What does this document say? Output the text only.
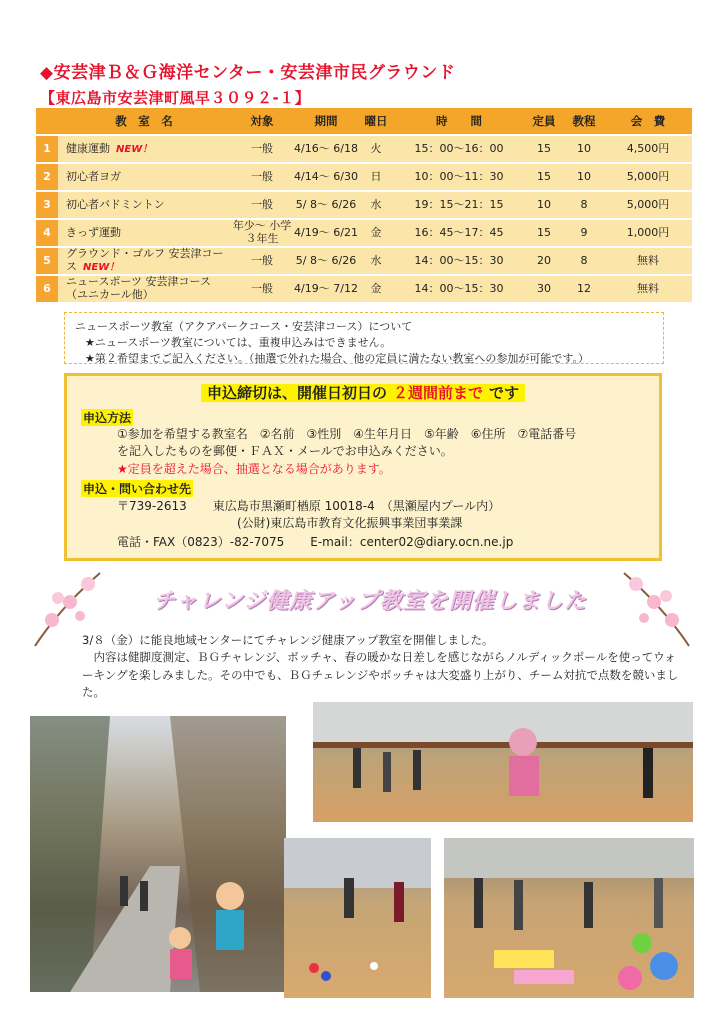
◆安芸津Ｂ＆Ｇ海洋センター・安芸津市民グラウンド
【東広島市安芸津町風早３０９２-１】
	教　室　名	対象	期間	曜日	時　　間	定員	教程	会　費
1	健康運動 NEW！	一般	4/16〜 6/18	火	15：00〜16：00	15	10	4,500円
2	初心者ヨガ	一般	4/14〜 6/30	日	10：00〜11：30	15	10	5,000円
3	初心者バドミントン	一般	5/ 8〜 6/26	水	19：15〜21：15	10	8	5,000円
4	きっず運動	年少〜 小学３年生	4/19〜 6/21	金	16：45〜17：45	15	9	1,000円
5	グラウンド・ゴルフ 安芸津コース NEW！	一般	5/ 8〜 6/26	水	14：00〜15：30	20	8	無料
6	ニュースポーツ 安芸津コース（ユニカール他）	一般	4/19〜 7/12	金	14：00〜15：30	30	12	無料
ニュースポーツ教室（アクアパークコース・安芸津コース）について
★ニュースポーツ教室については、重複申込みはできません。
★第２希望までご記入ください。（抽選で外れた場合、他の定員に満たない教室への参加が可能です。）
申込締切は、開催日初日の ２週間前まで です
申込方法
①参加を希望する教室名　②名前　③性別　④生年月日　⑤年齢　⑥住所　⑦電話番号
を記入したものを郵便・ＦＡＸ・メールでお申込みください。
★定員を超えた場合、抽選となる場合があります。
申込・問い合わせ先
〒739-2613 東広島市黒瀬町楢原 10018-4　（黒瀬屋内プール内）
(公財)東広島市教育文化振興事業団事業課
電話・FAX（0823）-82-7075 E-mail：center02@diary.ocn.ne.jp
チャレンジ健康アップ教室を開催しました
3/８（金）に能良地域センターにてチャレンジ健康アップ教室を開催しました。
内容は健脚度測定、ＢＧチャレンジ、ボッチャ、春の暖かな日差しを感じながらノルディックポールを使ってウォーキングを楽しみました。その中でも、ＢＧチェレンジやボッチャは大変盛り上がり、チーム対抗で点数を競いました。
